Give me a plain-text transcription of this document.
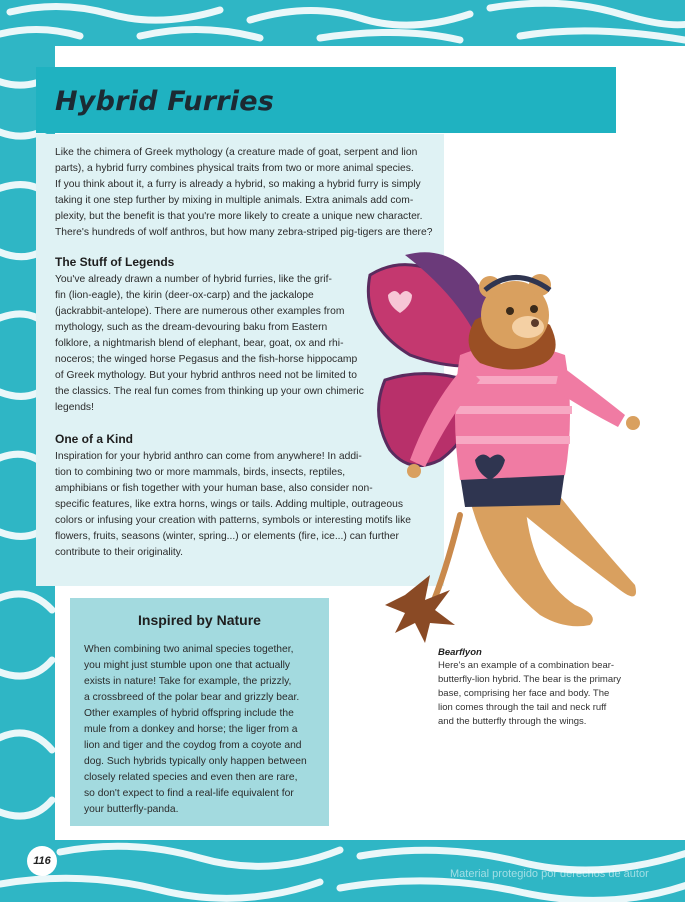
Hybrid Furries
Like the chimera of Greek mythology (a creature made of goat, serpent and lion
parts), a hybrid furry combines physical traits from two or more animal species.
If you think about it, a furry is already a hybrid, so making a hybrid furry is simply
taking it one step further by mixing in multiple animals. Extra animals add com-
plexity, but the benefit is that you're more likely to create a unique new character.
There's hundreds of wolf anthros, but how many zebra-striped pig-tigers are there?
The Stuff of Legends
You've already drawn a number of hybrid furries, like the grif-
fin (lion-eagle), the kirin (deer-ox-carp) and the jackalope
(jackrabbit-antelope). There are numerous other examples from
mythology, such as the dream-devouring baku from Eastern
folklore, a nightmarish blend of elephant, bear, goat, ox and rhi-
noceros; the winged horse Pegasus and the fish-horse hippocamp
of Greek mythology. But your hybrid anthros need not be limited to
the classics. The real fun comes from thinking up your own chimeric
legends!
One of a Kind
Inspiration for your hybrid anthro can come from anywhere! In addi-
tion to combining two or more mammals, birds, insects, reptiles,
amphibians or fish together with your human base, also consider non-
specific features, like extra horns, wings or tails. Adding multiple, outrageous
colors or infusing your creation with patterns, symbols or interesting motifs like
flowers, fruits, seasons (winter, spring...) or elements (fire, ice...) can further
contribute to their originality.
Inspired by Nature
When combining two animal species together,
you might just stumble upon one that actually
exists in nature! Take for example, the prizzly,
a crossbreed of the polar bear and grizzly bear.
Other examples of hybrid offspring include the
mule from a donkey and horse; the liger from a
lion and tiger and the coydog from a coyote and
dog. Such hybrids typically only happen between
closely related species and even then are rare,
so don't expect to find a real-life equivalent for
your butterfly-panda.
Bearflyon
Here's an example of a combination bear-butterfly-lion hybrid. The bear is the primary base, comprising her face and body. The lion comes through the tail and neck ruff and the butterfly through the wings.
116
Material protegido por derechos de autor
